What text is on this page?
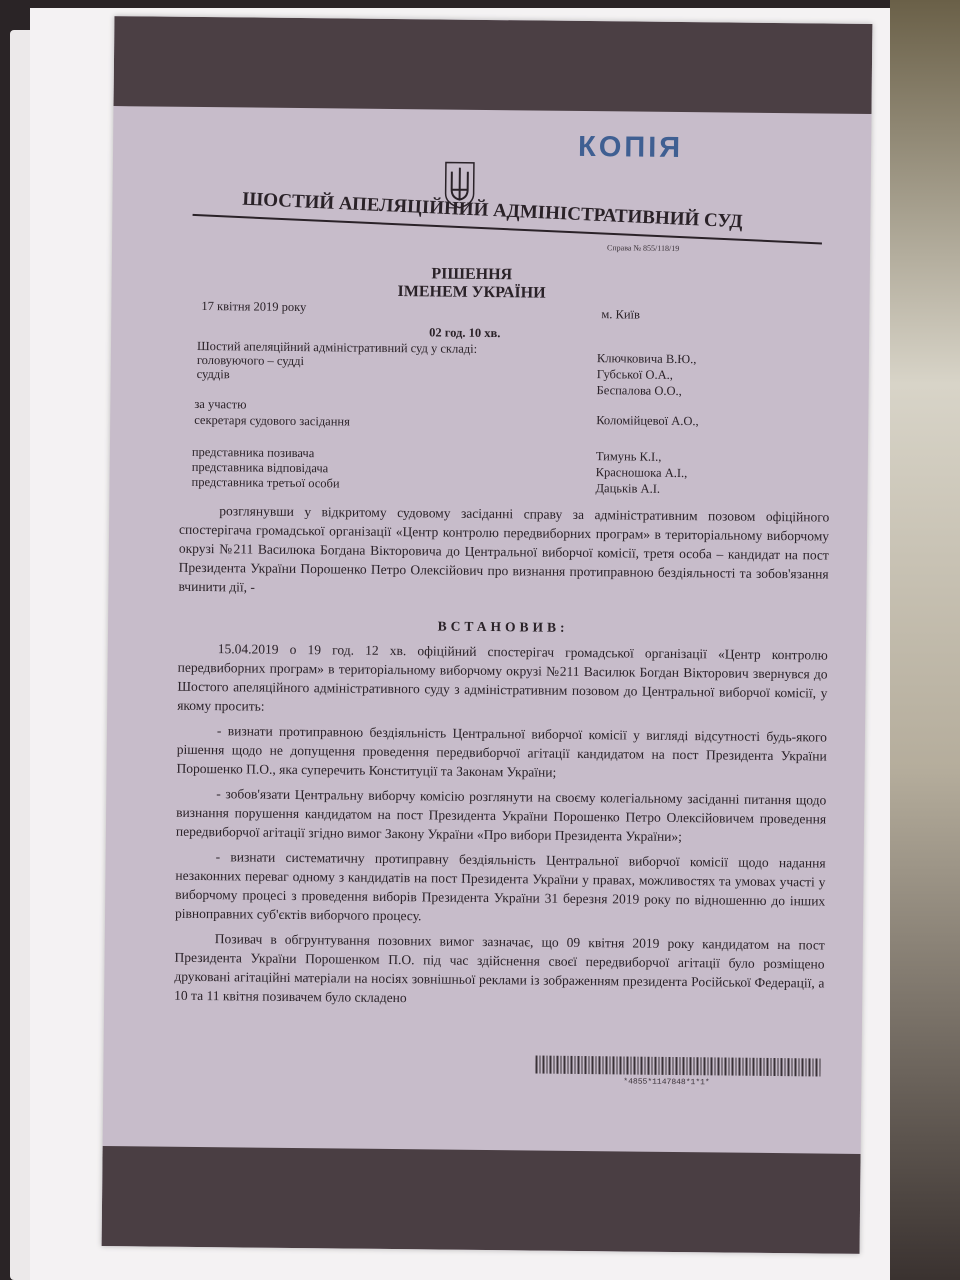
КОПІЯ
ШОСТИЙ АПЕЛЯЦІЙНИЙ АДМІНІСТРАТИВНИЙ СУД
Справа № 855/118/19
РІШЕННЯ
ІМЕНЕМ УКРАЇНИ
17 квітня 2019 року
м. Київ
02 год. 10 хв.
Шостий апеляційний адміністративний суд у складі:
головуючого – судді	Ключковича В.Ю.,
суддів	Губської О.А.,
Беспалова О.О.,
за участю
секретаря судового засідання	Коломійцевої А.О.,
представника позивача	Тимунь К.І.,
представника відповідача	Красношока А.І.,
представника третьої особи	Дацьків А.І.

розглянувши у відкритому судовому засіданні справу за адміністративним позовом офіційного спостерігача громадської організації «Центр контролю передвиборних програм» в територіальному виборчому окрузі №211 Василюка Богдана Вікторовича до Центральної виборчої комісії, третя особа – кандидат на пост Президента України Порошенко Петро Олексійович про визнання протиправною бездіяльності та зобов'язання вчинити дії, -

ВСТАНОВИВ:

15.04.2019 о 19 год. 12 хв. офіційний спостерігач громадської організації «Центр контролю передвиборних програм» в територіальному виборчому окрузі №211 Василюк Богдан Вікторович звернувся до Шостого апеляційного адміністративного суду з адміністративним позовом до Центральної виборчої комісії, у якому просить:

- визнати протиправною бездіяльність Центральної виборчої комісії у вигляді відсутності будь-якого рішення щодо не допущення проведення передвиборчої агітації кандидатом на пост Президента України Порошенко П.О., яка суперечить Конституції та Законам України;

- зобов'язати Центральну виборчу комісію розглянути на своєму колегіальному засіданні питання щодо визнання порушення кандидатом на пост Президента України Порошенко Петро Олексійовичем проведення передвиборчої агітації згідно вимог Закону України «Про вибори Президента України»;

- визнати систематичну протиправну бездіяльність Центральної виборчої комісії щодо надання незаконних переваг одному з кандидатів на пост Президента України у правах, можливостях та умовах участі у виборчому процесі з проведення виборів Президента України 31 березня 2019 року по відношенню до інших рівноправних суб'єктів виборчого процесу.

Позивач в обгрунтування позовних вимог зазначає, що 09 квітня 2019 року кандидатом на пост Президента України Порошенком П.О. під час здійснення своєї передвиборчої агітації було розміщено друковані агітаційні матеріали на носіях зовнішньої реклами із зображенням президента Російської Федерації, а 10 та 11 квітня позивачем було складено

*4855*1147848*1*1*
